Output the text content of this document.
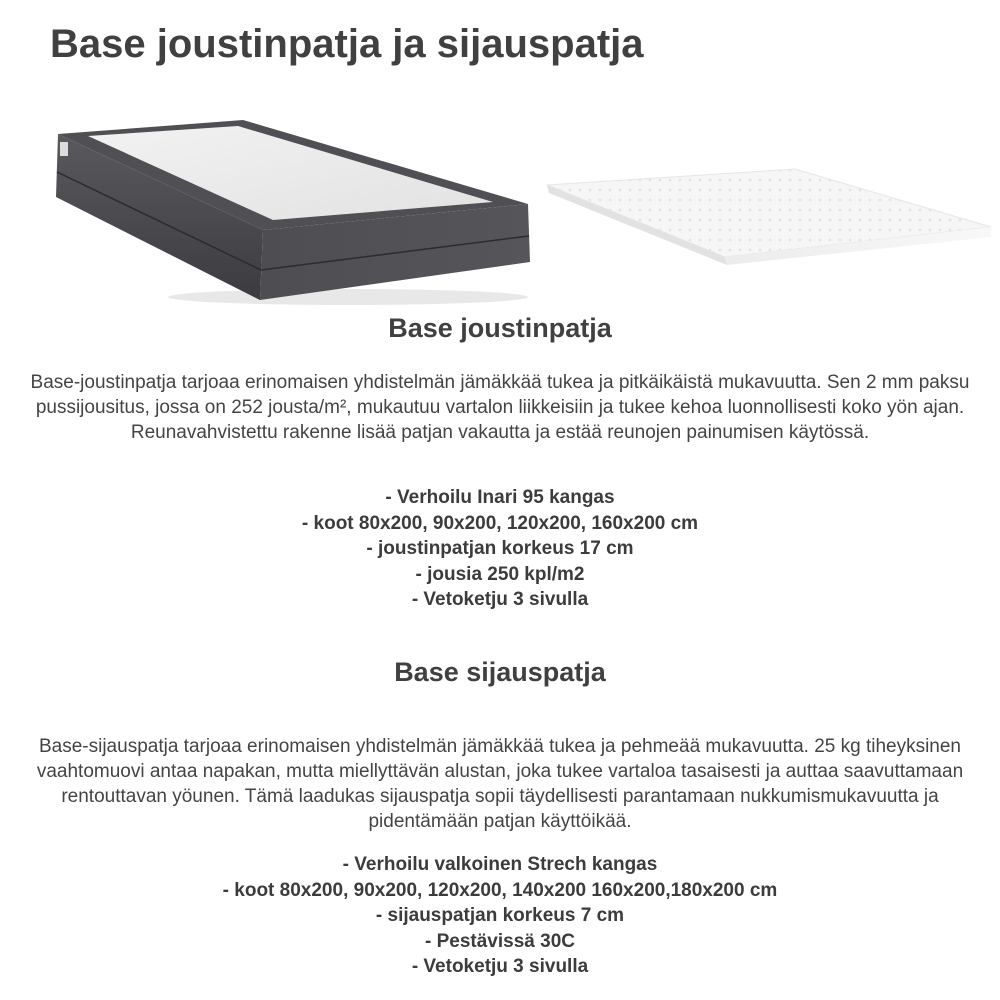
Base joustinpatja ja sijauspatja
Base joustinpatja

Base-joustinpatja tarjoaa erinomaisen yhdistelmän jämäkkää tukea ja pitkäikäistä mukavuutta. Sen 2 mm paksu pussijousitus, jossa on 252 jousta/m², mukautuu vartalon liikkeisiin ja tukee kehoa luonnollisesti koko yön ajan. Reunavahvistettu rakenne lisää patjan vakautta ja estää reunojen painumisen käytössä.

- Verhoilu Inari 95 kangas
- koot 80x200, 90x200, 120x200, 160x200 cm
- joustinpatjan korkeus 17 cm
- jousia 250 kpl/m2
- Vetoketju 3 sivulla
Base sijauspatja

Base-sijauspatja tarjoaa erinomaisen yhdistelmän jämäkkää tukea ja pehmeää mukavuutta. 25 kg tiheyksinen vaahtomuovi antaa napakan, mutta miellyttävän alustan, joka tukee vartaloa tasaisesti ja auttaa saavuttamaan rentouttavan yöunen. Tämä laadukas sijauspatja sopii täydellisesti parantamaan nukkumismukavuutta ja pidentämään patjan käyttöikää.

- Verhoilu valkoinen Strech kangas
- koot 80x200, 90x200, 120x200, 140x200 160x200,180x200 cm
- sijauspatjan korkeus 7 cm
- Pestävissä 30C
- Vetoketju 3 sivulla
